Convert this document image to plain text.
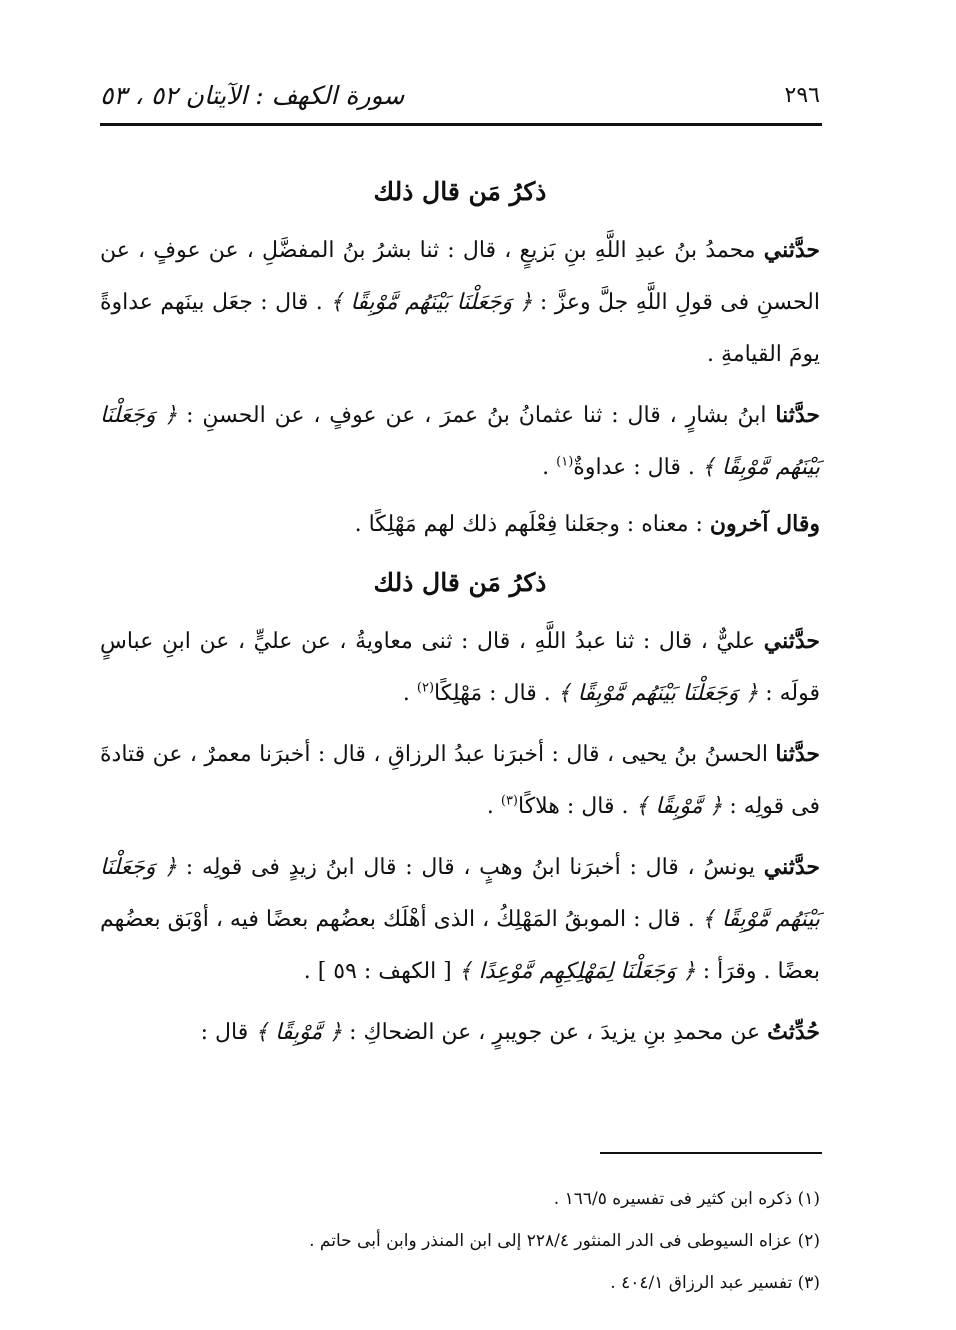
٢٩٦
سورة الكهف : الآيتان ٥٢ ، ٥٣
ذكرُ مَن قال ذلك

حدَّثني محمدُ بنُ عبدِ اللَّهِ بنِ بَزيعٍ ، قال : ثنا بشرُ بنُ المفضَّلِ ، عن عوفٍ ، عن الحسنِ فى قولِ اللَّهِ جلَّ وعزَّ : ﴿ وَجَعَلْنَا بَيْنَهُم مَّوْبِقًا ﴾ . قال : جعَل بينَهم عداوةً يومَ القيامةِ .

حدَّثنا ابنُ بشارٍ ، قال : ثنا عثمانُ بنُ عمرَ ، عن عوفٍ ، عن الحسنِ : ﴿ وَجَعَلْنَا بَيْنَهُم مَّوْبِقًا ﴾ . قال : عداوةٌ$^{(١)}$ .

وقال آخرون : معناه : وجعَلنا فِعْلَهم ذلك لهم مَهْلِكًا .

ذكرُ مَن قال ذلك

حدَّثني عليٌّ ، قال : ثنا عبدُ اللَّهِ ، قال : ثنى معاويةُ ، عن عليٍّ ، عن ابنِ عباسٍ قولَه : ﴿ وَجَعَلْنَا بَيْنَهُم مَّوْبِقًا ﴾ . قال : مَهْلِكًا$^{(٢)}$ .

حدَّثنا الحسنُ بنُ يحيى ، قال : أخبرَنا عبدُ الرزاقِ ، قال : أخبرَنا معمرٌ ، عن قتادةَ فى قولِه : ﴿ مَّوْبِقًا ﴾ . قال : هلاكًا$^{(٣)}$ .

حدَّثني يونسُ ، قال : أخبرَنا ابنُ وهبٍ ، قال : قال ابنُ زيدٍ فى قولِه : ﴿ وَجَعَلْنَا بَيْنَهُم مَّوْبِقًا ﴾ . قال : الموبقُ المَهْلِكُ ، الذى أهْلَك بعضُهم بعضًا فيه ، أوْبَق بعضُهم بعضًا . وقرَأ : ﴿ وَجَعَلْنَا لِمَهْلِكِهِم مَّوْعِدًا ﴾ [ الكهف : ٥٩ ] .

حُدِّثتُ عن محمدِ بنِ يزيدَ ، عن جويبرٍ ، عن الضحاكِ : ﴿ مَّوْبِقًا ﴾ قال :

(١) ذكره ابن كثير فى تفسيره ١٦٦/٥ .

(٢) عزاه السيوطى فى الدر المنثور ٢٢٨/٤ إلى ابن المنذر وابن أبى حاتم .

(٣) تفسير عبد الرزاق ٤٠٤/١ .
